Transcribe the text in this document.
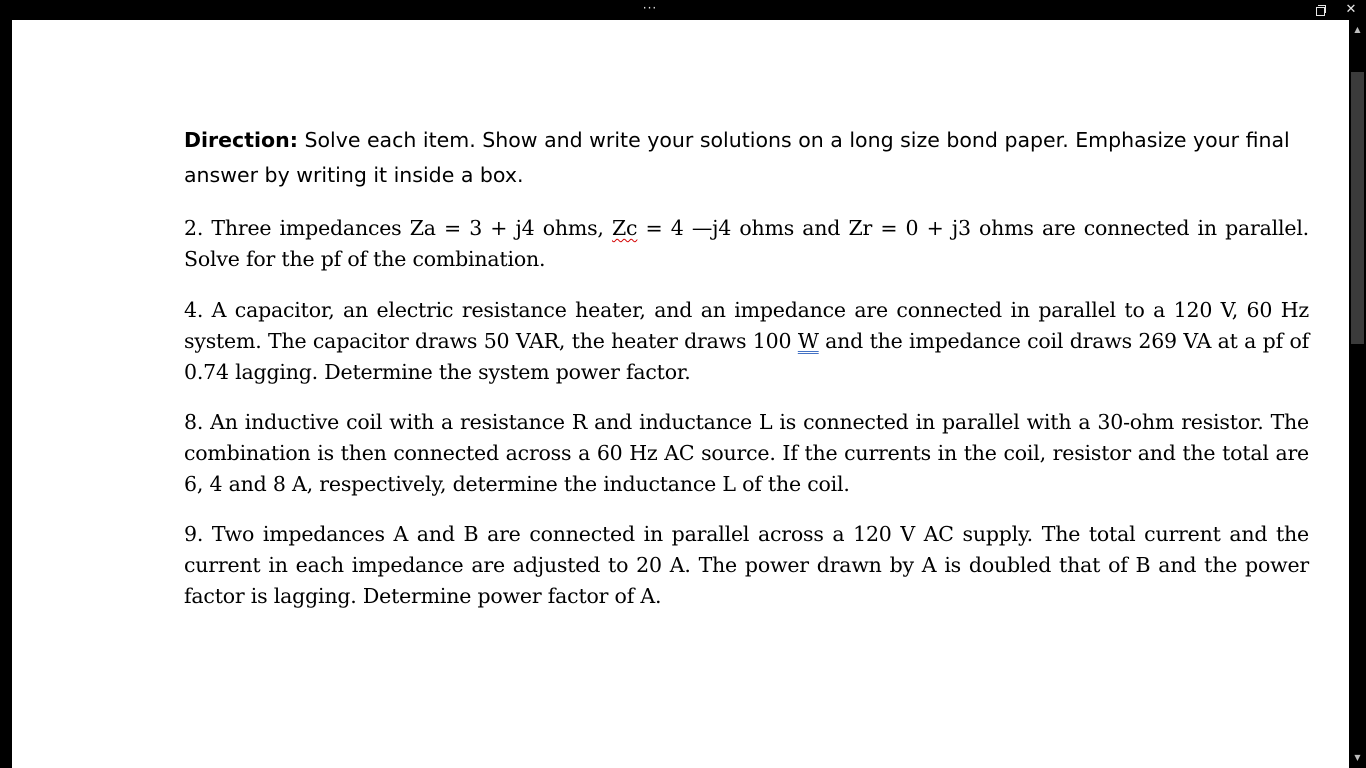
···	✕
Direction: Solve each item. Show and write your solutions on a long size bond paper. Emphasize your final answer by writing it inside a box.
2. Three impedances Za = 3 + j4 ohms, Zc = 4 —j4 ohms and Zr = 0 + j3 ohms are connected in parallel. Solve for the pf of the combination.
4. A capacitor, an electric resistance heater, and an impedance are connected in parallel to a 120 V, 60 Hz system. The capacitor draws 50 VAR, the heater draws 100 W and the impedance coil draws 269 VA at a pf of 0.74 lagging. Determine the system power factor.
8. An inductive coil with a resistance R and inductance L is connected in parallel with a 30-ohm resistor. The combination is then connected across a 60 Hz AC source. If the currents in the coil, resistor and the total are 6, 4 and 8 A, respectively, determine the inductance L of the coil.
9. Two impedances A and B are connected in parallel across a 120 V AC supply. The total current and the current in each impedance are adjusted to 20 A. The power drawn by A is doubled that of B and the power factor is lagging. Determine power factor of A.
▲
▼
